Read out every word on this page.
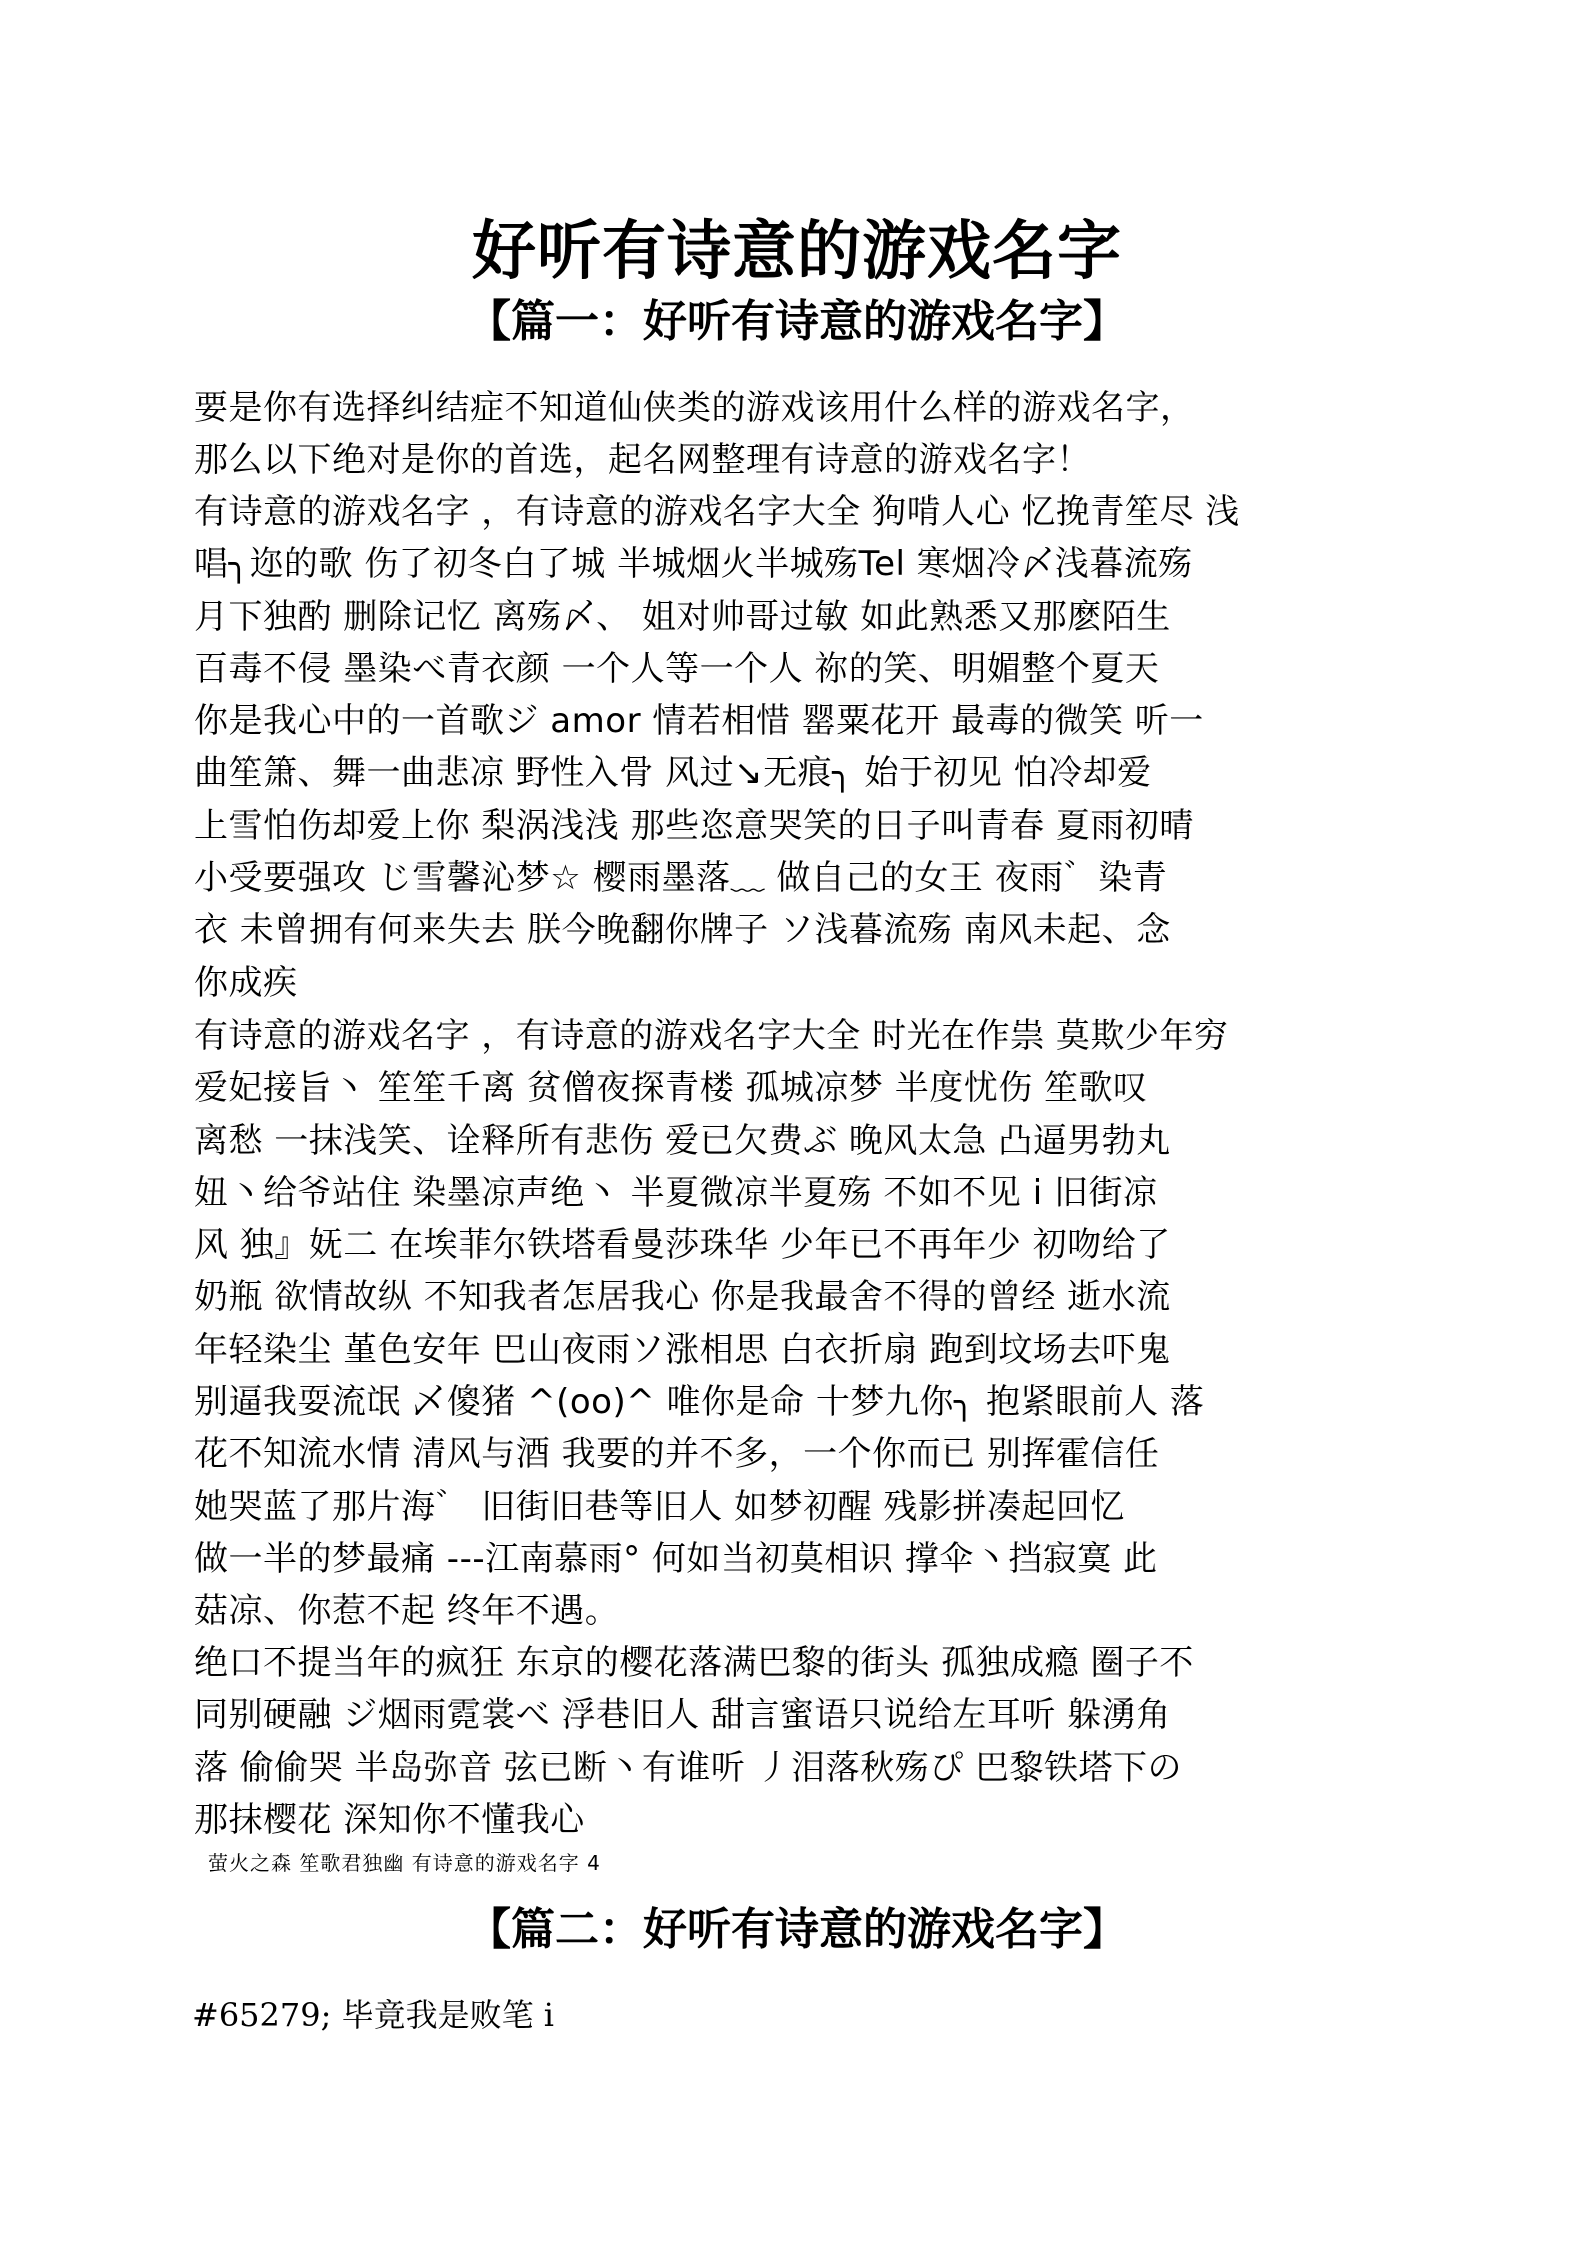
好听有诗意的游戏名字
【篇一：好听有诗意的游戏名字】
要是你有选择纠结症不知道仙侠类的游戏该用什么样的游戏名字，
那么以下绝对是你的首选，起名网整理有诗意的游戏名字！
有诗意的游戏名字 ，有诗意的游戏名字大全 狗啃人心 忆挽青笙尽 浅
唱╮迩的歌 伤了初冬白了城 半城烟火半城殇Tel 寒烟冷〆浅暮流殇
月下独酌 删除记忆 离殇〆、 姐对帅哥过敏 如此熟悉又那麽陌生
百毒不侵 墨染べ青衣颜 一个人等一个人 祢的笑、明媚整个夏天
你是我心中的一首歌ジ amor 情若相惜 罂粟花开 最毒的微笑 听一
曲笙箫、舞一曲悲凉 野性入骨 风过↘无痕╮ 始于初见 怕冷却爱
上雪怕伤却爱上你 梨涡浅浅 那些恣意哭笑的日子叫青春 夏雨初晴
小受要强攻 じ雪馨沁梦☆ 樱雨墨落﹏ 做自己的女王 夜雨゛染青
衣 未曾拥有何来失去 朕今晚翻你牌子 ソ浅暮流殇 南风未起、念
你成疾
有诗意的游戏名字 ，有诗意的游戏名字大全 时光在作祟 莫欺少年穷
爱妃接旨丶 笙笙千离 贫僧夜探青楼 孤城凉梦 半度忧伤 笙歌叹
离愁 一抹浅笑、诠释所有悲伤 爱已欠费ぶ 晚风太急 凸逼男勃丸
妞丶给爷站住 染墨凉声绝丶 半夏微凉半夏殇 不如不见 i 旧街凉
风 独』妩二 在埃菲尔铁塔看曼莎珠华 少年已不再年少 初吻给了
奶瓶 欲情故纵 不知我者怎居我心 你是我最舍不得的曾经 逝水流
年轻染尘 堇色安年 巴山夜雨ソ涨相思 白衣折扇 跑到坟场去吓鬼
别逼我耍流氓 乄傻猪 ^(oo)^ 唯你是命 十梦九你╮ 抱紧眼前人 落
花不知流水情 清风与酒 我要的并不多，一个你而已 别挥霍信任
她哭蓝了那片海゛ 旧街旧巷等旧人 如梦初醒 残影拼凑起回忆
做一半的梦最痛 ---江南慕雨° 何如当初莫相识 撑伞丶挡寂寞 此
菇凉、你惹不起 终年不遇。
绝口不提当年的疯狂 东京的樱花落满巴黎的街头 孤独成瘾 圈子不
同别硬融 ジ烟雨霓裳べ 浮巷旧人 甜言蜜语只说给左耳听 躲湧角
落 偷偷哭 半岛弥音 弦已断丶有谁听 丿泪落秋殇ぴ 巴黎铁塔下の
那抹樱花 深知你不懂我心
萤火之森 笙歌君独幽 有诗意的游戏名字 4
【篇二：好听有诗意的游戏名字】
#65279; 毕竟我是败笔 i
